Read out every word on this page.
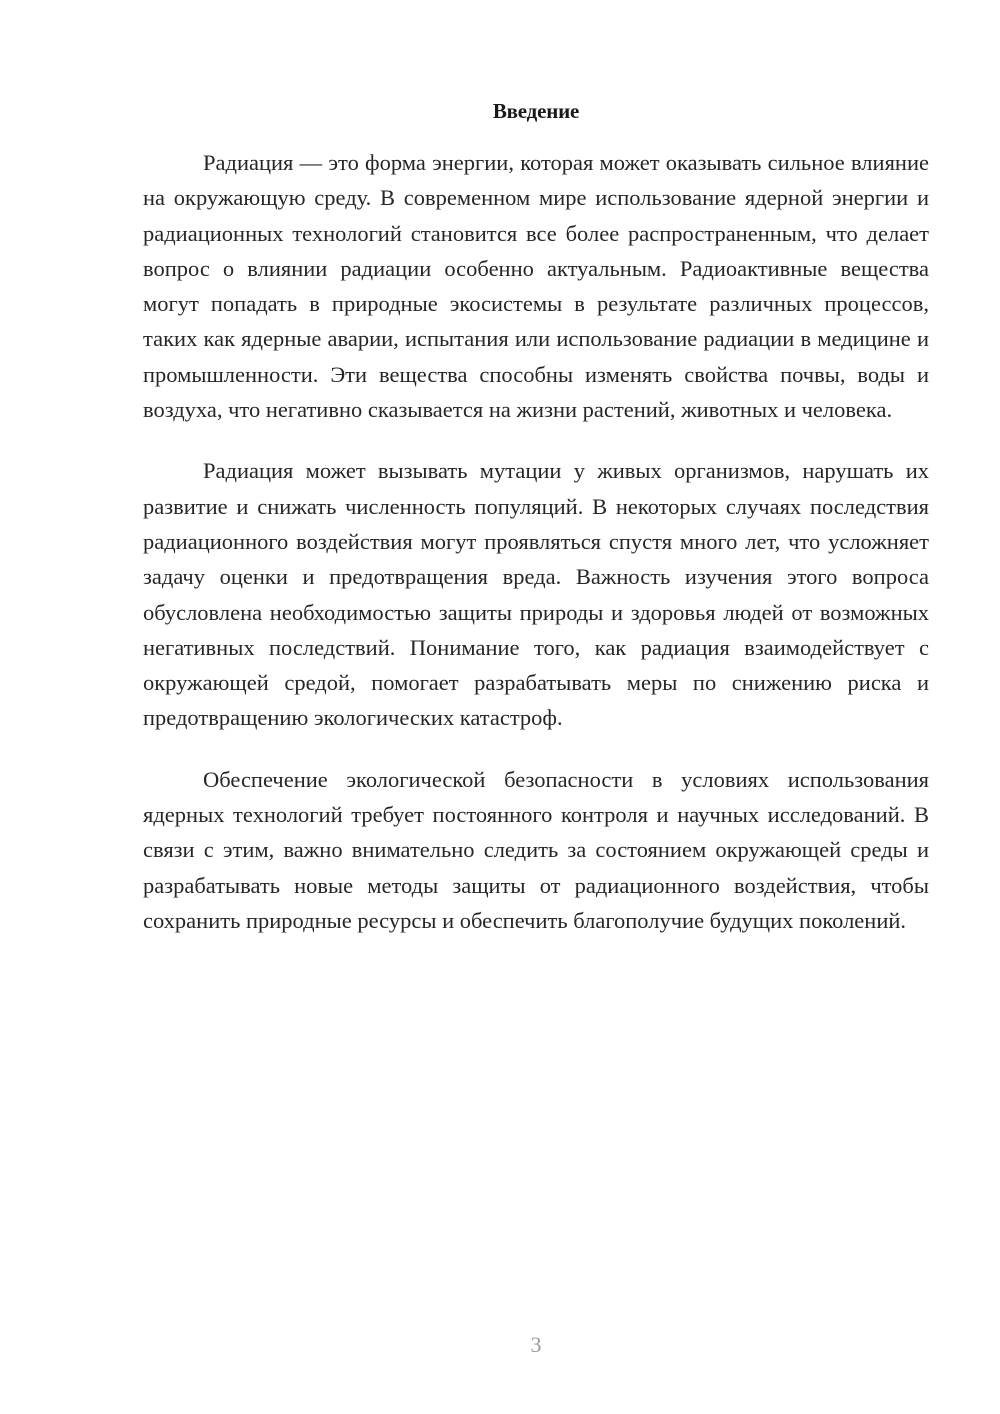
Введение

Радиация — это форма энергии, которая может оказывать сильное влияние на окружающую среду. В современном мире использование ядерной энергии и радиационных технологий становится все более распространенным, что делает вопрос о влиянии радиации особенно актуальным. Радиоактивные вещества могут попадать в природные экосистемы в результате различных процессов, таких как ядерные аварии, испытания или использование радиации в медицине и промышленности. Эти вещества способны изменять свойства почвы, воды и воздуха, что негативно сказывается на жизни растений, животных и человека.

Радиация может вызывать мутации у живых организмов, нарушать их развитие и снижать численность популяций. В некоторых случаях последствия радиационного воздействия могут проявляться спустя много лет, что усложняет задачу оценки и предотвращения вреда. Важность изучения этого вопроса обусловлена необходимостью защиты природы и здоровья людей от возможных негативных последствий. Понимание того, как радиация взаимодействует с окружающей средой, помогает разрабатывать меры по снижению риска и предотвращению экологических катастроф.

Обеспечение экологической безопасности в условиях использования ядерных технологий требует постоянного контроля и научных исследований. В связи с этим, важно внимательно следить за состоянием окружающей среды и разрабатывать новые методы защиты от радиационного воздействия, чтобы сохранить природные ресурсы и обеспечить благополучие будущих поколений.

3
